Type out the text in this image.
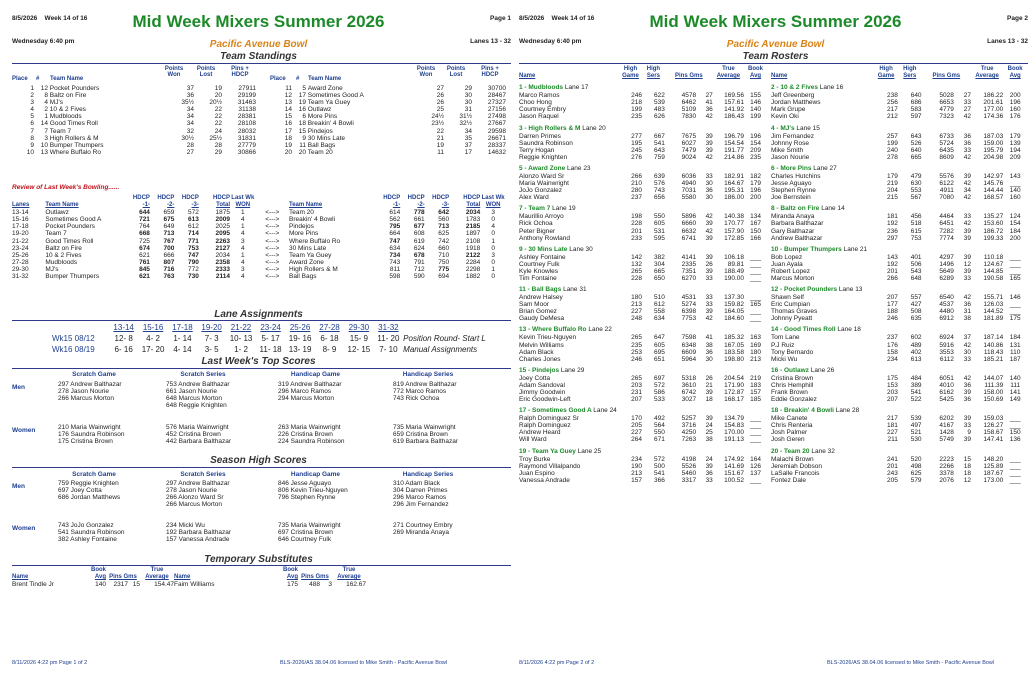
8/5/2026 Week 14 of 16	Mid Week Mixers Summer 2026	Page 1
Wednesday 6:40 pm	Pacific Avenue Bowl	Lanes 13 - 32
Team Standings
Place # Team Name
Points
Won
Points
Lost
Pins +
HDCP
Place # Team Name
Points
Won
Points
Lost
Pins +
HDCP
1	12	Pocket Pounders	37	19	27911
2	8	Baltz on Fire	36	20	29199
3	4	MJ's	35½	20½	31463
4	2	10 & 2 Fives	34	22	31138
5	1	Mudbloods	34	22	28381
6	14	Good Times Roll	34	22	28108
7	7	Team 7	32	24	28032
8	3	High Rollers & M	30½	25½	31831
9	10	Bumper Thumpers	28	28	27779
10	13	Where Buffalo Ro	27	29	30866
11	5	Award Zone	27	29	30700
12	17	Sometimes Good A	26	30	28467
13	19	Team Ya Guey	26	30	27327
14	16	Outlawz	25	31	27156
15	6	More Pins	24½	31½	27498
16	18	Breakin' 4 Bowli	23½	32½	27667
17	15	Pindejos	22	34	29598
18	9	30 Mins Late	21	35	26671
19	11	Ball Bags	19	37	28337
20	20	Team 20	11	17	14632
Review of Last Week's Bowling......
		HDCP	HDCP	HDCP	HDCP	Last Wk			HDCP	HDCP	HDCP	HDCP	Last Wk
Lanes	Team Name	-1-	-2-	-3-	Total	WON		Team Name	-1-	-2-	-3-	Total	WON
13-14	Outlawz	644	659	572	1875	1	<--->	Team 20	614	778	642	2034	3
15-16	Sometimes Good A	721	675	613	2009	4	<--->	Breakin' 4 Bowli	562	661	560	1783	0
17-18	Pocket Pounders	764	649	612	2025	1	<--->	Pindejos	795	677	713	2185	4
19-20	Team 7	668	713	714	2095	4	<--->	More Pins	664	608	625	1897	0
21-22	Good Times Roll	725	767	771	2263	3	<--->	Where Buffalo Ro	747	619	742	2108	1
23-24	Baltz on Fire	674	700	753	2127	4	<--->	30 Mins Late	634	624	660	1918	0
25-26	10 & 2 Fives	621	666	747	2034	1	<--->	Team Ya Guey	734	678	710	2122	3
27-28	Mudbloods	761	807	790	2358	4	<--->	Award Zone	743	791	750	2284	0
29-30	MJ's	845	716	772	2333	3	<--->	High Rollers & M	811	712	775	2298	1
31-32	Bumper Thumpers	621	763	730	2114	4	<--->	Ball Bags	598	590	694	1882	0
Lane Assignments
	13-14	15-16	17-18	19-20	21-22	23-24	25-26	27-28	29-30	31-32	
Wk15 08/12	12- 8	4- 2	1- 14	7- 3	10- 13	5- 17	19- 16	6- 18	15- 9	11- 20	Position Round- Start L
Wk16 08/19	6- 16	17- 20	4- 14	3- 5	1- 2	11- 18	13- 19	8- 9	12- 15	7- 10	Manual Assignments
Last Week's Top Scores
Scratch Game	Scratch Series	Handicap Game	Handicap Series
Men	297 Andrew Balthazar	753 Andrew Balthazar	319 Andrew Balthazar	819 Andrew Balthazar
278 Jason Nourie	661 Jason Nourie	296 Marco Ramos	772 Marco Ramos
266 Marcus Morton	648 Marcus Morton	294 Marcus Morton	743 Rick Ochoa
	648 Reggie Knighten		
Women	210 Maria Wainwright	576 Maria Wainwright	263 Maria Wainwright	735 Maria Wainwright
176 Saundra Robinson	452 Cristina Brown	226 Cristina Brown	659 Cristina Brown
175 Cristina Brown	442 Barbara Balthazar	224 Saundra Robinson	619 Barbara Balthazar
Season High Scores
Scratch Game	Scratch Series	Handicap Game	Handicap Series
Men	759 Reggie Knighten	297 Andrew Balthazar	846 Jesse Aguayo	310 Adam Black
697 Joey Cotta	278 Jason Nourie	806 Kevin Trieu-Nguyen	304 Darren Primes
686 Jordan Matthews	266 Alonzo Ward Sr	796 Stephen Rynne	296 Marco Ramos
	266 Marcus Morton		296 Jim Fernandez
Women	743 JoJo Gonzalez	234 Micki Wu	735 Maria Wainwright	271 Courtney Embry
541 Saundra Robinson	192 Barbara Balthazar	697 Cristina Brown	269 Miranda Anaya
382 Ashley Fontaine	157 Vanessa Andrade	646 Courtney Fulk	
Temporary Substitutes
	Book			True		Book			True
Name	Avg	Pins Gms		Average	Name	Avg	Pins Gms		Average
Brent Tindle Jr	140	2317	15	154.47	Faim Williams	175	488	3	162.67
8/11/2026 4:22 pm Page 1 of 2	BLS-2026/AS 38.04.06 licensed to Mike Smith - Pacific Avenue Bowl
8/5/2026 Week 14 of 16	Mid Week Mixers Summer 2026	Page 2
Wednesday 6:40 pm	Pacific Avenue Bowl	Lanes 13 - 32
Team Rosters
	High	High			True	Book
Name	Game	Sers	Pins Gms		Average	Avg
1 - Mudbloods Lane 17						
Marco Ramos	246	622	4578	27	169.56	155
Choo Hong	218	539	6462	41	157.61	146
Courtney Embry	199	483	5109	36	141.92	140
Jason Raquel	235	626	7830	42	186.43	199
3 - High Rollers & M Lane 20						
Darren Primes	277	667	7675	39	196.79	196
Saundra Robinson	195	541	6027	39	154.54	154
Terry Hogan	245	643	7479	39	191.77	209
Reggie Knighten	276	759	9024	42	214.86	235
5 - Award Zone Lane 23						
Alonzo Ward Sr	266	639	6036	33	182.91	182
Maria Wainwright	210	576	4940	30	164.67	179
JoJo Gonzalez	280	743	7031	36	195.31	196
Alex Ward	237	656	5580	30	186.00	200
7 - Team 7 Lane 19						
Maurillio Arroyo	198	550	5896	42	140.38	134
Rick Ochoa	228	605	6660	39	170.77	167
Peter Bigner	201	531	6632	42	157.90	150
Anthony Rowland	233	595	6741	39	172.85	166
9 - 30 Mins Late Lane 30						
Ashley Fontaine	142	382	4141	39	106.18	___
Courtney Fulk	132	304	2335	26	89.81	___
Kyle Knowles	265	665	7351	39	188.49	___
Tim Fontaine	228	650	6270	33	190.00	___
11 - Ball Bags Lane 31						
Andrew Halsey	180	510	4531	33	137.30	___
Sam Moor	213	612	5274	33	159.82	165
Brian Gomez	227	558	6398	39	164.05	___
Gaudy DeMesa	248	634	7753	42	184.60	___
13 - Where Buffalo Ro Lane 22						
Kevin Trieu-Nguyen	265	647	7598	41	185.32	163
Melvin Williams	235	605	6348	38	167.05	169
Adam Black	253	695	6609	36	183.58	180
Charles Jones	246	651	5964	30	198.80	213
15 - Pindejos Lane 29						
Joey Cotta	265	697	5318	26	204.54	219
Adam Sandoval	203	572	3610	21	171.90	183
Jimmy Goodwin	231	586	6742	39	172.87	157
Eric Goodwin-Left	207	533	3027	18	168.17	185
17 - Sometimes Good A Lane 24						
Ralph Dominguez Sr	170	492	5257	39	134.79	___
Ralph Dominguez	205	564	3716	24	154.83	___
Andrew Heard	227	550	4250	25	170.00	___
Will Ward	264	671	7263	38	191.13	___
19 - Team Ya Guey Lane 25						
Troy Burke	234	572	4198	24	174.92	164
Raymond Villalpando	190	500	5526	39	141.69	126
Juan Espino	213	541	5460	36	151.67	137
Vanessa Andrade	157	366	3317	33	100.52	___
	High	High			True	Book
Name	Game	Sers	Pins Gms		Average	Avg
2 - 10 & 2 Fives Lane 16						
Jeff Greenberg	238	640	5028	27	186.22	200
Jordan Matthews	256	686	6653	33	201.61	196
Mark Grupe	217	583	4779	27	177.00	160
Kevin Oki	212	597	7323	42	174.36	176
4 - MJ's Lane 15						
Jim Fernandez	257	643	6733	36	187.03	179
Johnny Rose	199	526	5724	36	159.00	139
Mike Smith	240	640	6435	33	195.79	194
Jason Nourie	278	665	8609	42	204.98	209
6 - More Pins Lane 27						
Charles Hutchins	179	479	5576	39	142.97	143
Jesse Aguayo	219	630	6122	42	145.76	___
Stephen Rynne	204	553	4911	34	144.44	140
Joe Bernstein	215	567	7080	42	168.57	160
8 - Baltz on Fire Lane 14						
Miranda Anaya	181	456	4464	33	135.27	124
Barbara Balthazar	192	518	6451	42	153.60	154
Gary Balthazar	236	615	7282	39	186.72	184
Andrew Balthazar	297	753	7774	39	199.33	200
10 - Bumper Thumpers Lane 21						
Bob Lopez	143	401	4297	39	110.18	___
Juan Ayala	192	506	1496	12	124.67	___
Robert Lopez	201	543	5649	39	144.85	___
Marcus Morton	266	648	6289	33	190.58	165
12 - Pocket Pounders Lane 13						
Shawn Self	207	557	6540	42	155.71	146
Eric Cumpian	177	427	4537	36	126.03	___
Thomas Graves	188	508	4480	31	144.52	___
Johnny Pyeatt	246	635	6912	38	181.89	175
14 - Good Times Roll Lane 18						
Tom Lane	237	602	6924	37	187.14	184
P.J Ruiz	176	489	5916	42	140.86	131
Tony Bernardo	158	402	3553	30	118.43	110
Micki Wu	234	613	6112	33	185.21	187
16 - Outlawz Lane 26						
Cristina Brown	175	484	6051	42	144.07	140
Chris Hemphill	153	389	4010	36	111.39	111
Frank Brown	203	541	6162	39	158.00	141
Eddie Gonzalez	207	522	5425	36	150.69	149
18 - Breakin' 4 Bowli Lane 28						
Mike Canete	217	539	6202	39	159.03	___
Chris Renteria	181	497	4167	33	126.27	___
Josh Palmer	227	521	1428	9	158.67	150
Josh Geren	211	530	5749	39	147.41	136
20 - Team 20 Lane 32						
Malachi Brown	241	520	2223	15	148.20	___
Jeremiah Dobson	201	498	2266	18	125.89	___
LaSalle Francois	243	625	3378	18	187.67	___
Fontez Dale	205	579	2076	12	173.00	___
8/11/2026 4:22 pm Page 2 of 2	BLS-2026/AS 38.04.06 licensed to Mike Smith - Pacific Avenue Bowl
